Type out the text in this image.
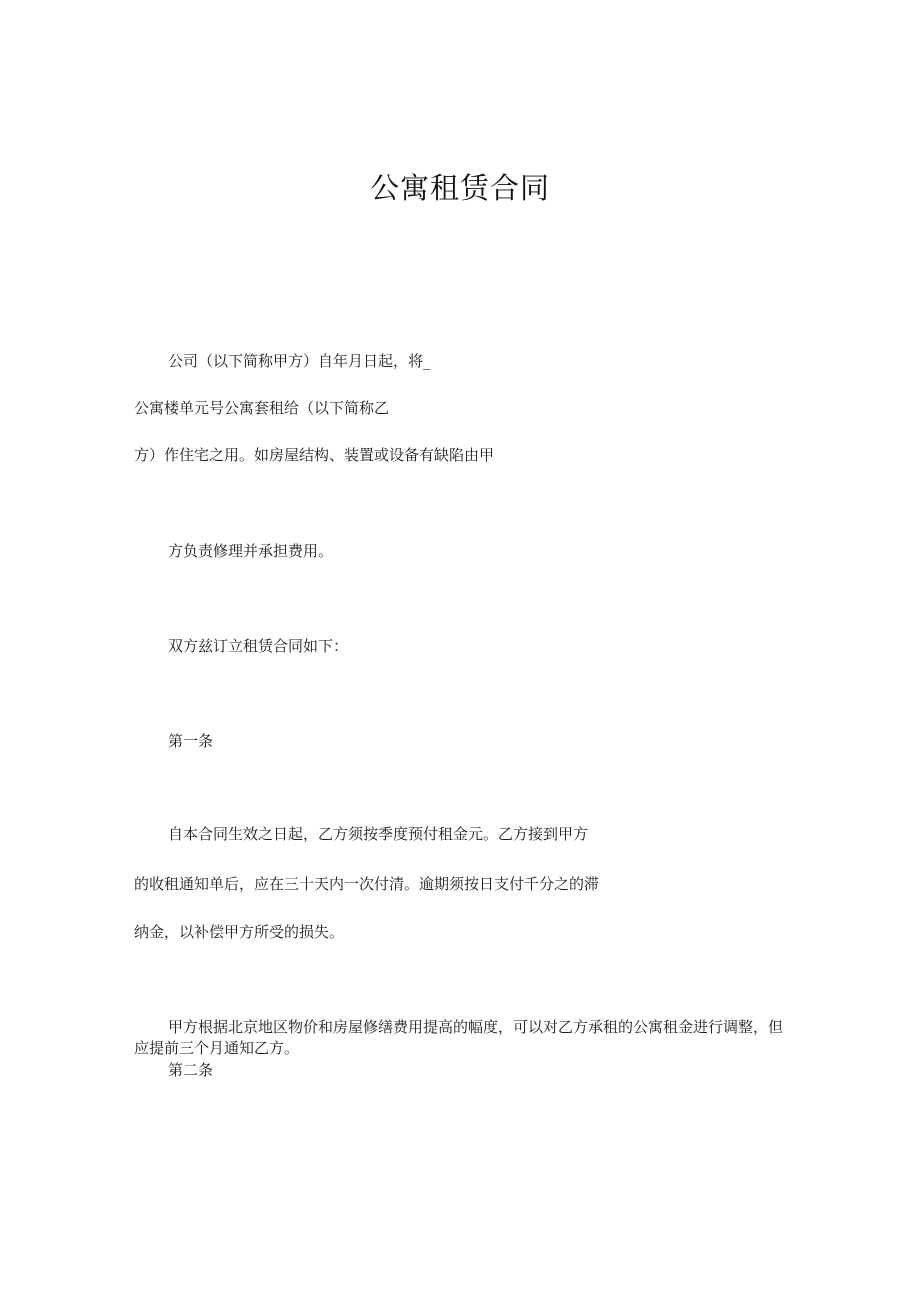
公寓租赁合同
公司（以下简称甲方）自年月日起，将_
公寓楼单元号公寓套租给（以下简称乙
方）作住宅之用。如房屋结构、装置或设备有缺陷由甲
方负责修理并承担费用。
双方兹订立租赁合同如下：
第一条
自本合同生效之日起，乙方须按季度预付租金元。乙方接到甲方
的收租通知单后，应在三十天内一次付清。逾期须按日支付千分之的滞
纳金，以补偿甲方所受的损失。
甲方根据北京地区物价和房屋修缮费用提高的幅度，可以对乙方承租的公寓租金进行调整，但应提前三个月通知乙方。
第二条
